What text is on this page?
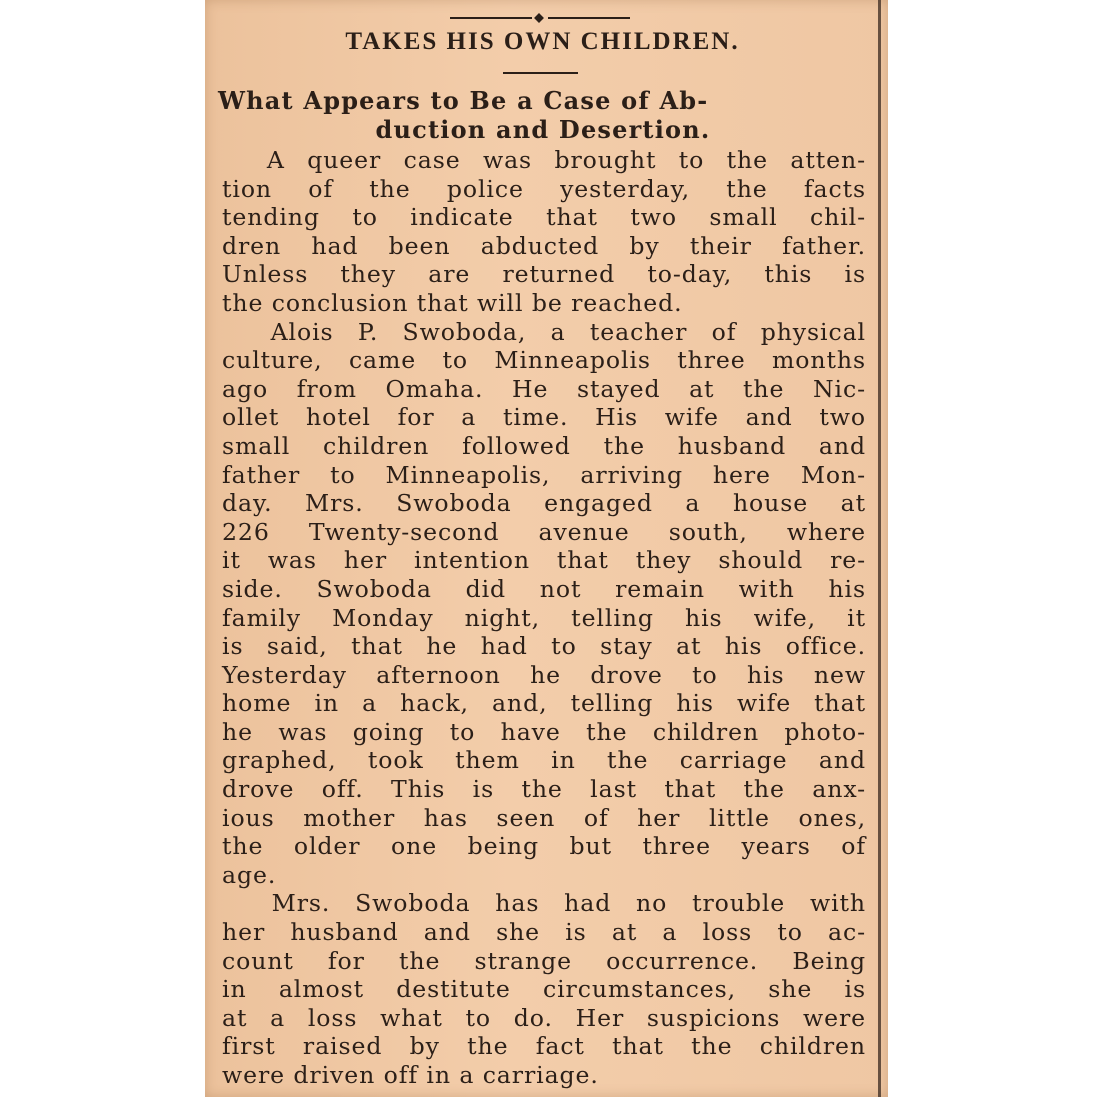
TAKES HIS OWN CHILDREN.
What Appears to Be a Case of Ab-
duction and Desertion.
A queer case was brought to the atten-
tion of the police yesterday, the facts
tending to indicate that two small chil-
dren had been abducted by their father.
Unless they are returned to-day, this is
the conclusion that will be reached.
Alois P. Swoboda, a teacher of physical
culture, came to Minneapolis three months
ago from Omaha. He stayed at the Nic-
ollet hotel for a time. His wife and two
small children followed the husband and
father to Minneapolis, arriving here Mon-
day. Mrs. Swoboda engaged a house at
226 Twenty-second avenue south, where
it was her intention that they should re-
side. Swoboda did not remain with his
family Monday night, telling his wife, it
is said, that he had to stay at his office.
Yesterday afternoon he drove to his new
home in a hack, and, telling his wife that
he was going to have the children photo-
graphed, took them in the carriage and
drove off. This is the last that the anx-
ious mother has seen of her little ones,
the older one being but three years of
age.
Mrs. Swoboda has had no trouble with
her husband and she is at a loss to ac-
count for the strange occurrence. Being
in almost destitute circumstances, she is
at a loss what to do. Her suspicions were
first raised by the fact that the children
were driven off in a carriage.
